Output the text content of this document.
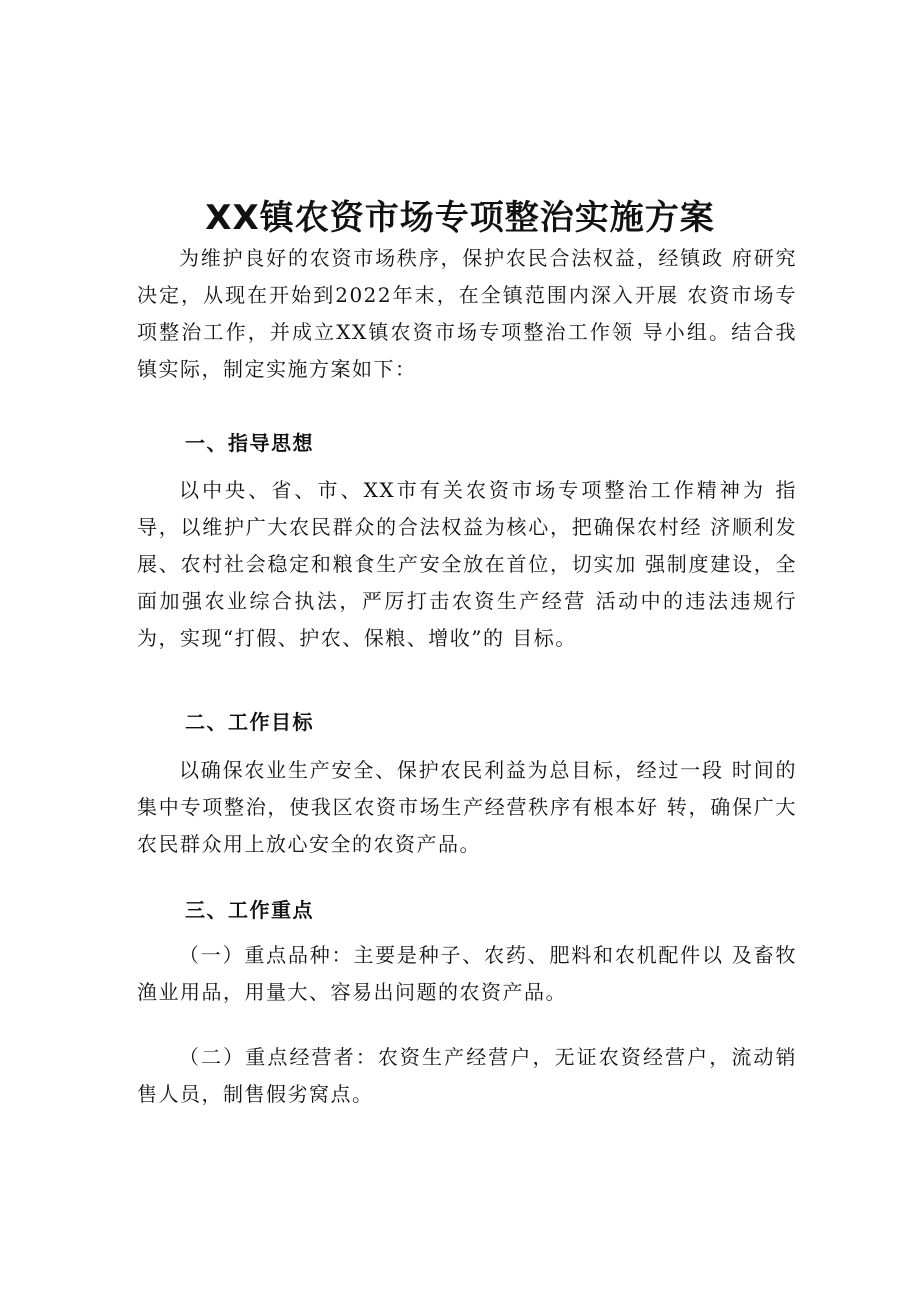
XX镇农资市场专项整治实施方案

为维护良好的农资市场秩序，保护农民合法权益，经镇政 府研究决定，从现在开始到2022年末，在全镇范围内深入开展 农资市场专项整治工作，并成立XX镇农资市场专项整治工作领 导小组。结合我镇实际，制定实施方案如下：

一、指导思想

以中央、省、市、XX市有关农资市场专项整治工作精神为 指导，以维护广大农民群众的合法权益为核心，把确保农村经 济顺利发展、农村社会稳定和粮食生产安全放在首位，切实加 强制度建设，全面加强农业综合执法，严厉打击农资生产经营 活动中的违法违规行为，实现“打假、护农、保粮、增收”的 目标。

二、工作目标

以确保农业生产安全、保护农民利益为总目标，经过一段 时间的集中专项整治，使我区农资市场生产经营秩序有根本好 转，确保广大农民群众用上放心安全的农资产品。

三、工作重点

（一）重点品种：主要是种子、农药、肥料和农机配件以 及畜牧渔业用品，用量大、容易出问题的农资产品。

（二）重点经营者：农资生产经营户，无证农资经营户，流动销售人员，制售假劣窝点。
